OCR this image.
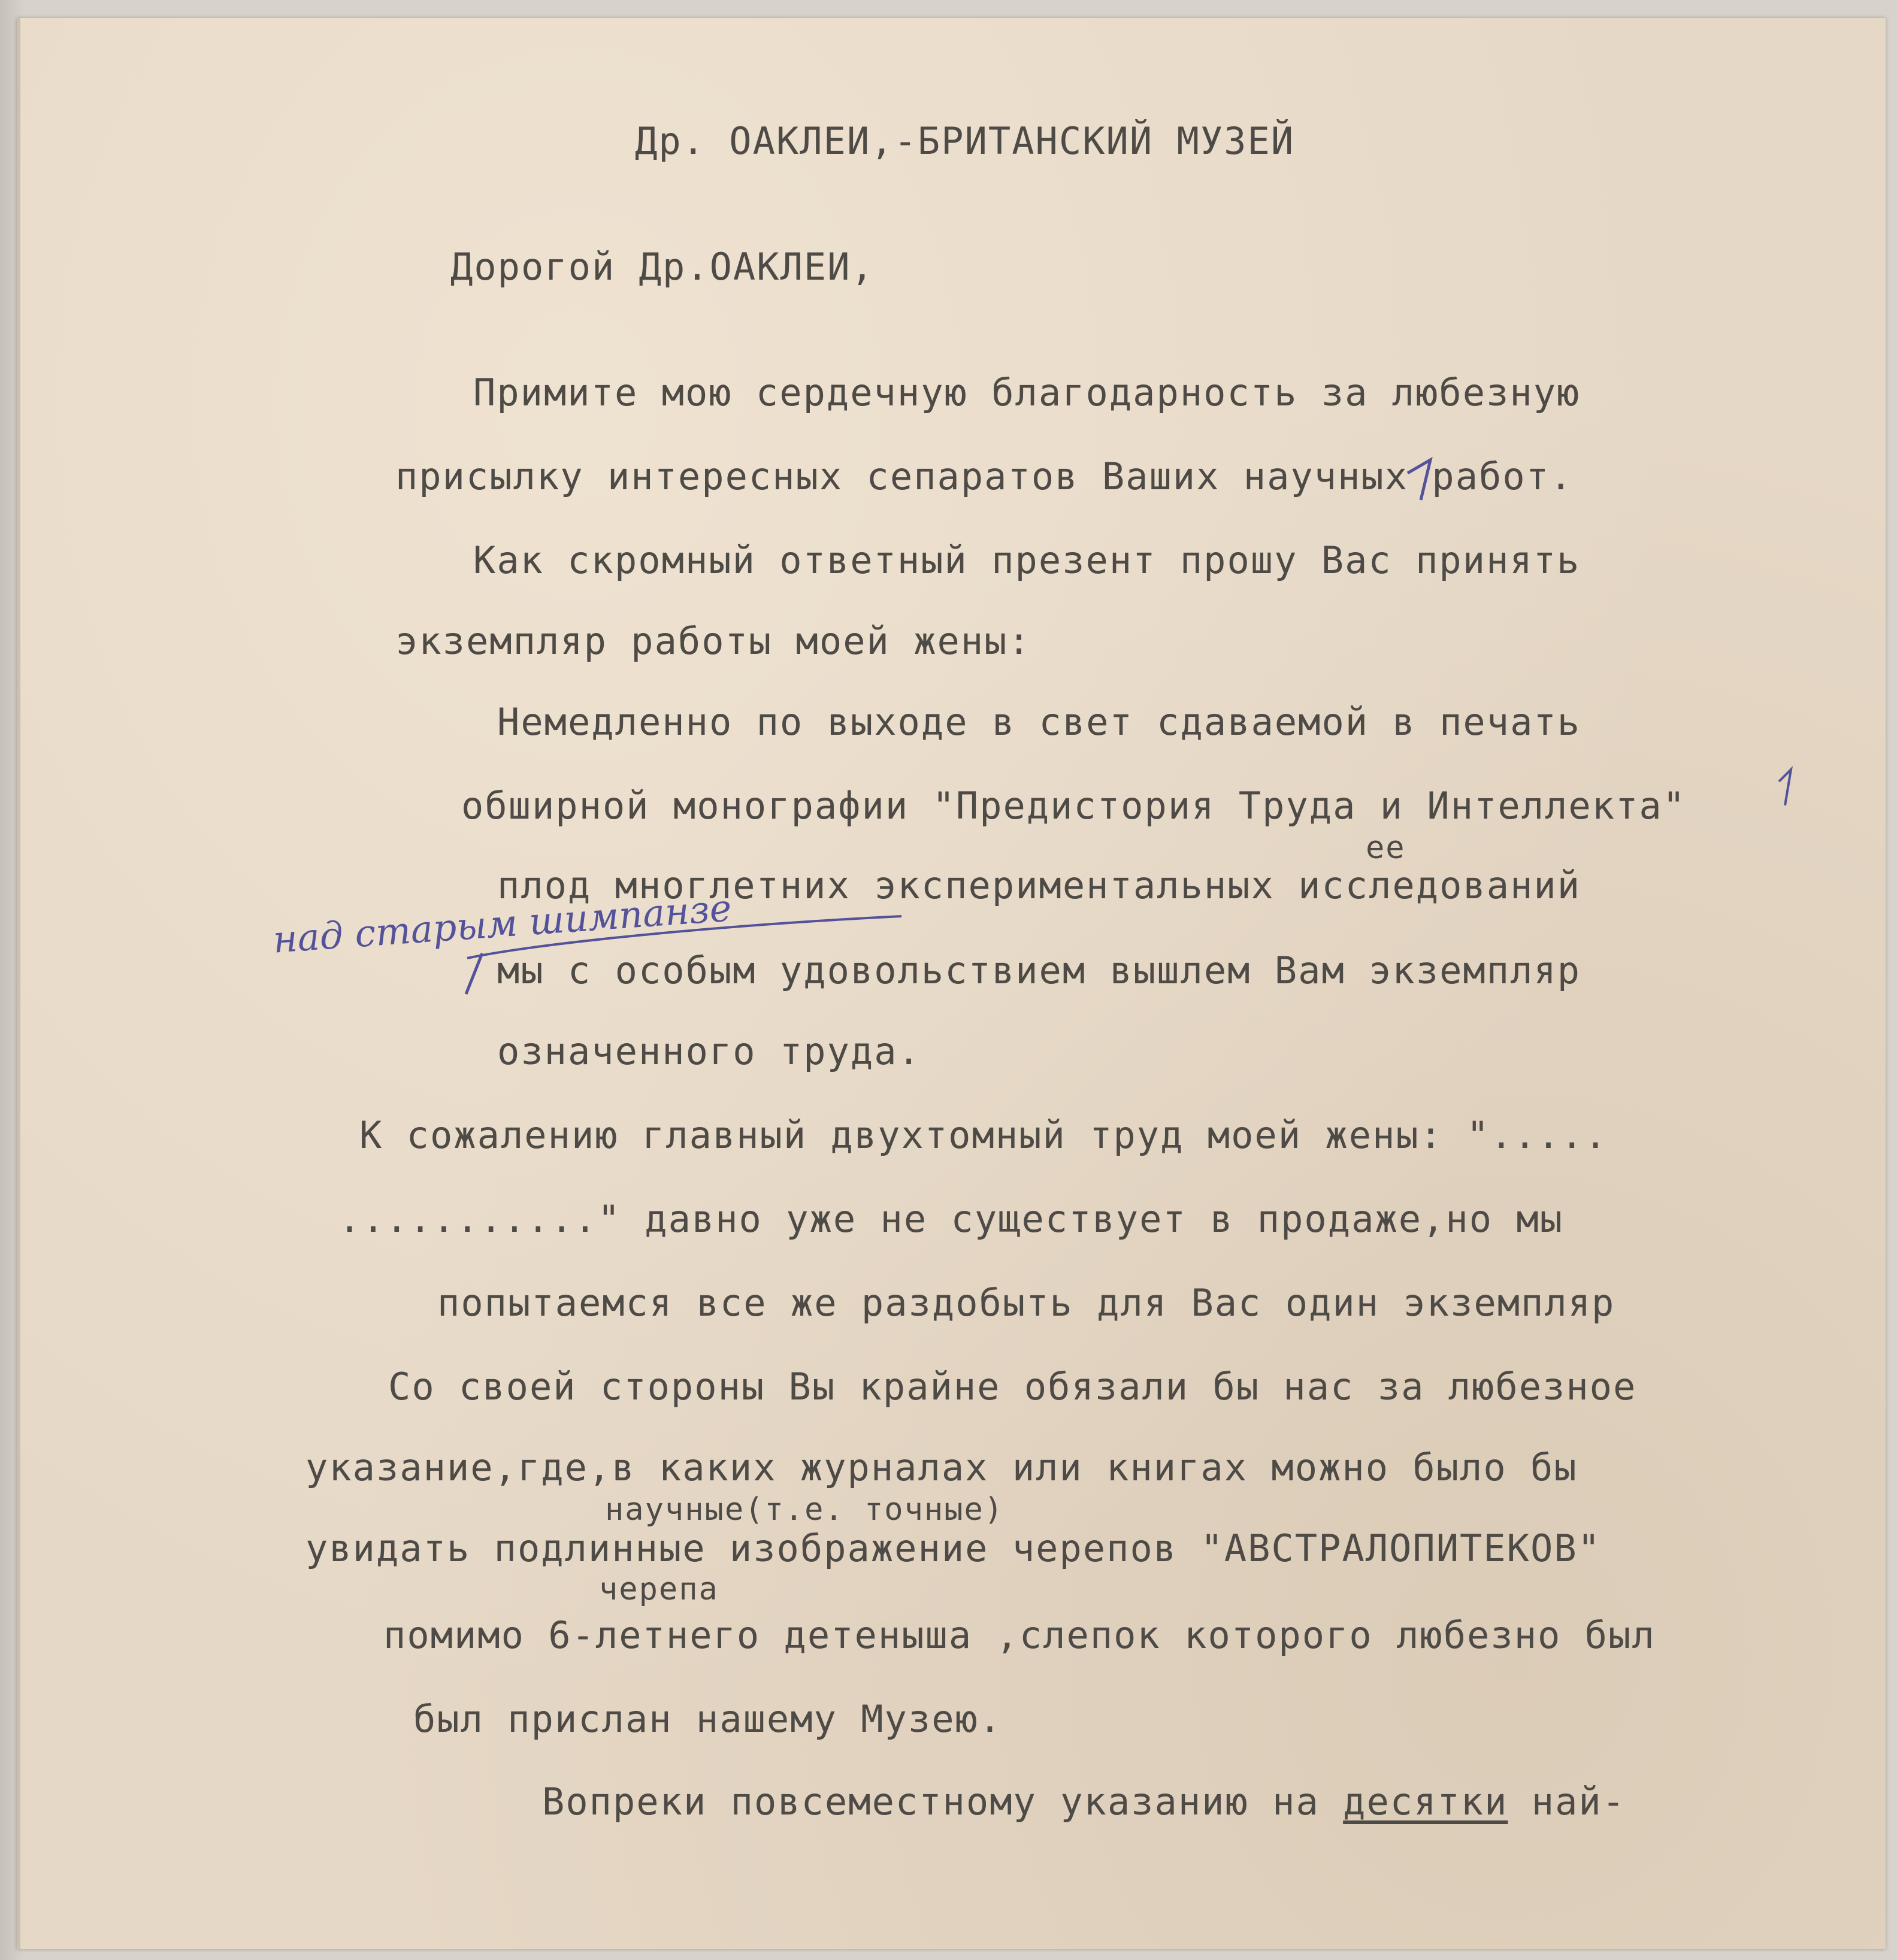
Др. ОАКЛЕИ,-БРИТАНСКИЙ МУЗЕЙ
Дорогой Др.ОАКЛЕИ,
Примите мою сердечную благодарность за любезную
присылку интересных сепаратов Ваших научных работ.
Как скромный ответный презент прошу Вас принять
экземпляр работы моей жены:
Немедленно по выходе в свет сдаваемой в печать
обширной монографии "Предистория Труда и Интеллекта"
ее
плод многлетних экспериментальных исследований
над старым шимпанзе
мы с особым удовольствием вышлем Вам экземпляр
означенного труда.
К сожалению главный двухтомный труд моей жены: ".....
..........." давно уже не существует в продаже,но мы
попытаемся все же раздобыть для Вас один экземпляр
Со своей стороны Вы крайне обязали бы нас за любезное
указание,где,в каких журналах или книгах можно было бы
научные(т.е. точные)
увидать подлинные изображение черепов "АВСТРАЛОПИТЕКОВ"
черепа
помимо 6-летнего детеныша ,слепок которого любезно был
был прислан нашему Музею.
Вопреки повсеместному указанию на десятки най-
